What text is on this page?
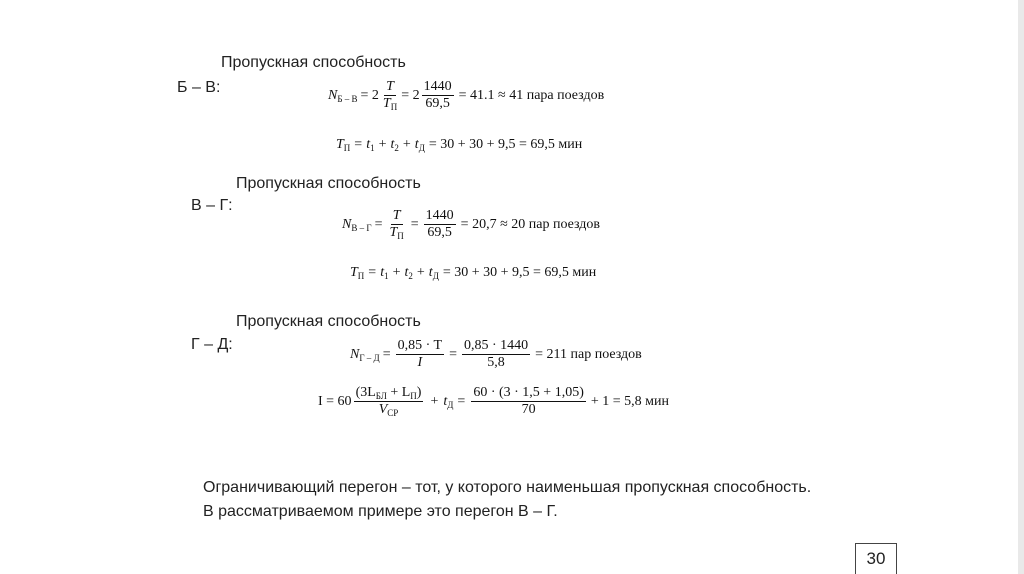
Пропускная способность
Б – В:	$N_{Б - В} = 2 \frac{T}{T_П} = 2 \frac{1440}{69,5} = 41.1 \approx 41$ пара поездов
$T_П = t_1 + t_2 + t_Д = 30 + 30 + 9,5 = 69,5$ мин
Пропускная способность
В – Г:
$N_{В - Г} = \frac{T}{T_П} = \frac{1440}{69,5} = 20,7 \approx 20$ пар поездов
$T_П = t_1 + t_2 + t_Д = 30 + 30 + 9,5 = 69,5$ мин
Пропускная способность
Г – Д:
$N_{Г - Д} = \frac{0,85 \cdot T}{I} = \frac{0,85 \cdot 1440}{5,8} = 211$ пар поездов
$I = 60 \frac{(3L_{БЛ} + L_П)}{V_{СР}} + t_Д = \frac{60 \cdot (3 \cdot 1,5 + 1,05)}{70} + 1 = 5,8$ мин
Ограничивающий перегон – тот, у которого наименьшая пропускная способность. В рассматриваемом примере это перегон В – Г.
30
